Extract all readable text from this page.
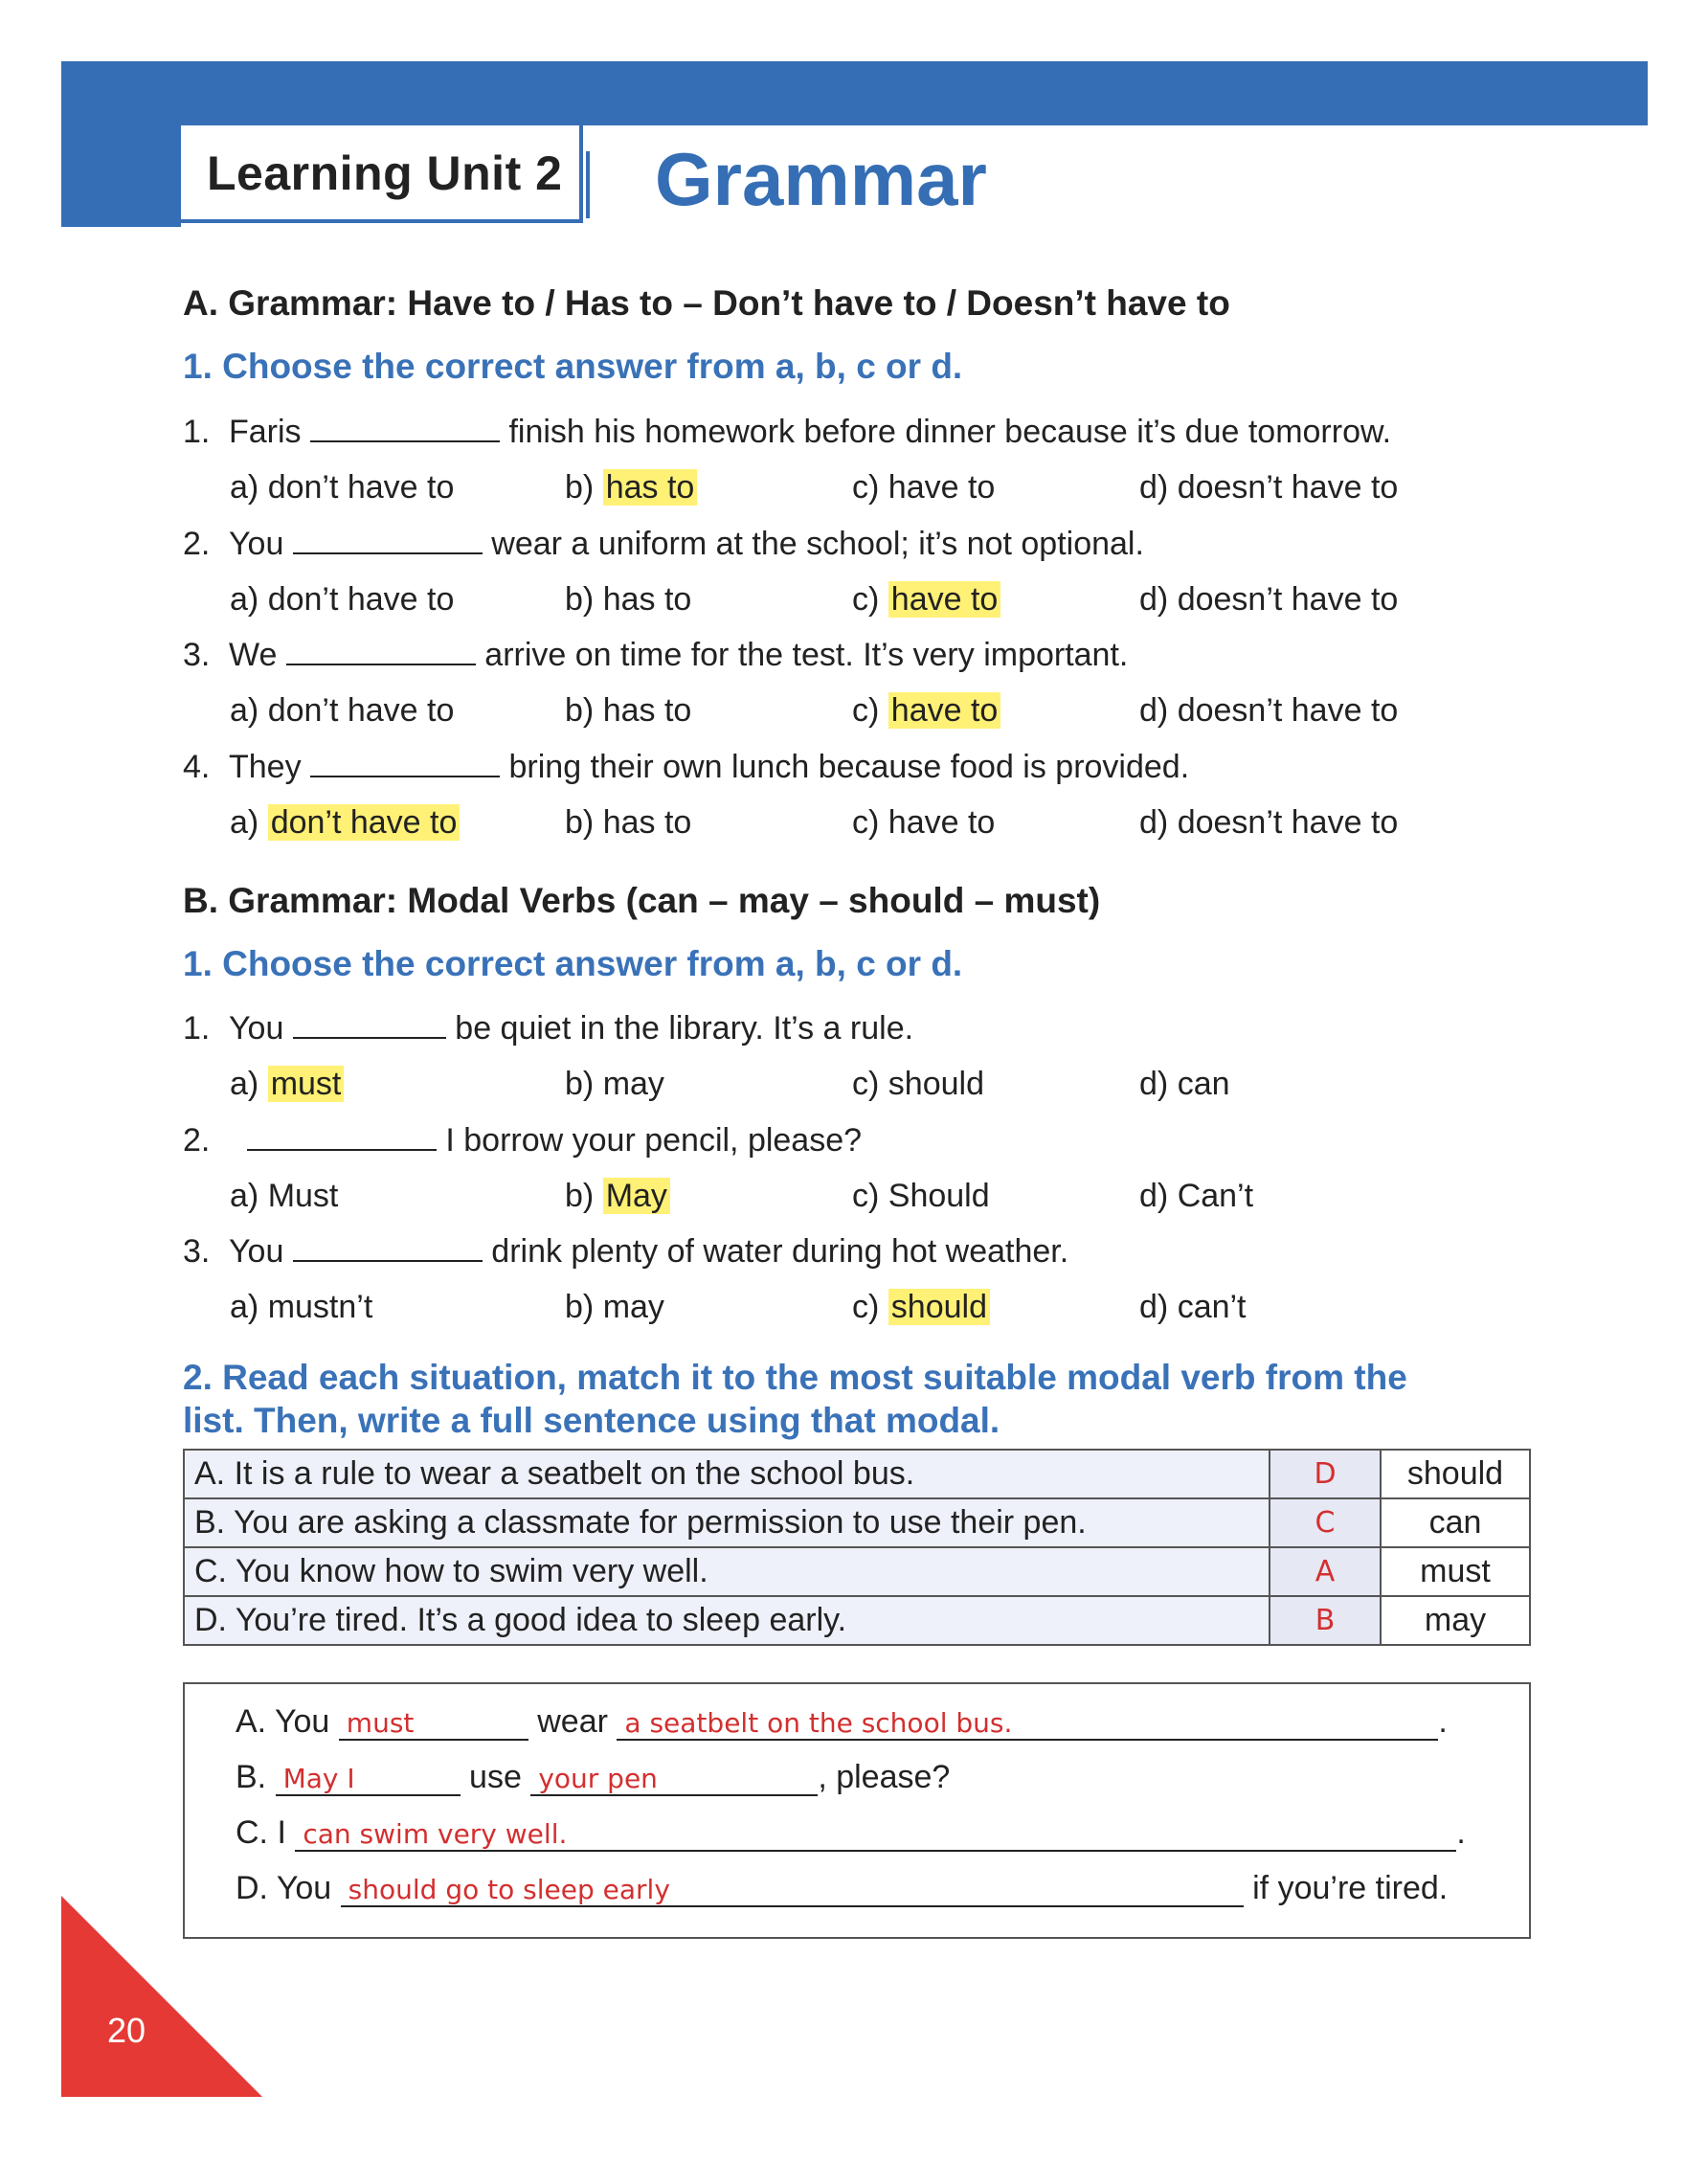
Learning Unit 2 Grammar
A. Grammar: Have to / Has to – Don’t have to / Doesn’t have to
1. Choose the correct answer from a, b, c or d.
1. Faris	finish his homework before dinner because it’s due tomorrow.
a) don’t have to	b) has to	c) have to	d) doesn’t have to
2. You	wear a uniform at the school; it’s not optional.
a) don’t have to	b) has to	c) have to	d) doesn’t have to
3. We	arrive on time for the test. It’s very important.
a) don’t have to	b) has to	c) have to	d) doesn’t have to
4. They	bring their own lunch because food is provided.
a) don’t have to	b) has to	c) have to	d) doesn’t have to
B. Grammar: Modal Verbs (can – may – should – must)
1. Choose the correct answer from a, b, c or d.
1. You	be quiet in the library. It’s a rule.
a) must	b) may	c) should	d) can
2.	I borrow your pencil, please?
a) Must	b) May	c) Should	d) Can’t
3. You	drink plenty of water during hot weather.
a) mustn’t	b) may	c) should	d) can’t
2. Read each situation, match it to the most suitable modal verb from the
list. Then, write a full sentence using that modal.
A. It is a rule to wear a seatbelt on the school bus.	D	should
B. You are asking a classmate for permission to use their pen.	C	can
C. You know how to swim very well.	A	must
D. You’re tired. It’s a good idea to sleep early.	B	may
A. You must	wear a seatbelt on the school bus.	.
B. May I	use your pen	, please?
C. I can swim very well.	.
D. You should go to sleep early	if you’re tired.
20
